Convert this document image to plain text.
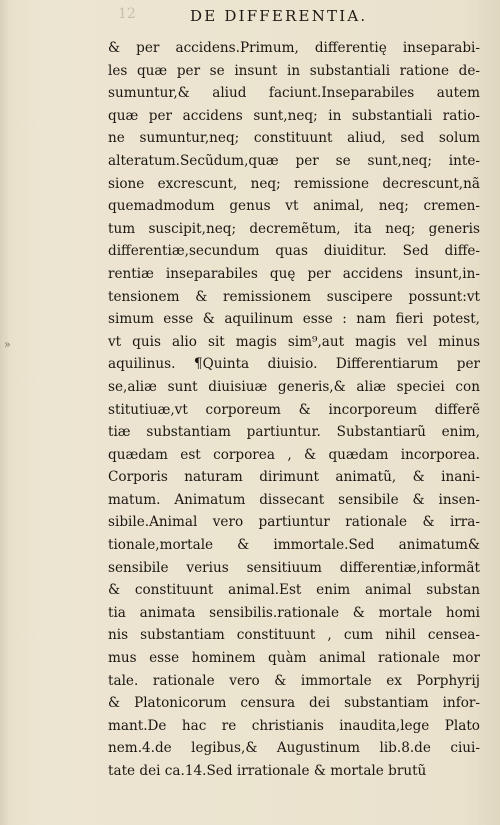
12	DE DIFFERENTIA.
»
& per accidens.Primum, differentię inseparabi-
les quæ per se insunt in substantiali ratione de-
sumuntur,& aliud faciunt.Inseparabiles autem
quæ per accidens sunt,neq; in substantiali ratio-
ne sumuntur,neq; constituunt aliud, sed solum
alteratum.Secũdum,quæ per se sunt,neq; inte-
sione excrescunt, neq; remissione decrescunt,nã
quemadmodum genus vt animal, neq; cremen-
tum suscipit,neq; decremẽtum, ita neq; generis
differentiæ,secundum quas diuiditur. Sed diffe-
rentiæ inseparabiles quę per accidens insunt,in-
tensionem & remissionem suscipere possunt:vt
simum esse & aquilinum esse : nam fieri potest,
vt quis alio sit magis sim⁹,aut magis vel minus
aquilinus. ¶Quinta diuisio. Differentiarum per
se,aliæ sunt diuisiuæ generis,& aliæ speciei con
stitutiuæ,vt corporeum & incorporeum differẽ
tiæ substantiam partiuntur. Substantiarũ enim,
quædam est corporea , & quædam incorporea.
Corporis naturam dirimunt animatũ, & inani-
matum. Animatum dissecant sensibile & insen-
sibile.Animal vero partiuntur rationale & irra-
tionale,mortale & immortale.Sed animatum&
sensibile verius sensitiuum differentiæ,informãt
& constituunt animal.Est enim animal substan
tia animata sensibilis.rationale & mortale homi
nis substantiam constituunt , cum nihil censea-
mus esse hominem quàm animal rationale mor
tale. rationale vero & immortale ex Porphyrij
& Platonicorum censura dei substantiam infor-
mant.De hac re christianis inaudita,lege Plato
nem.4.de legibus,& Augustinum lib.8.de ciui-
tate dei ca.14.Sed irrationale & mortale brutũ
